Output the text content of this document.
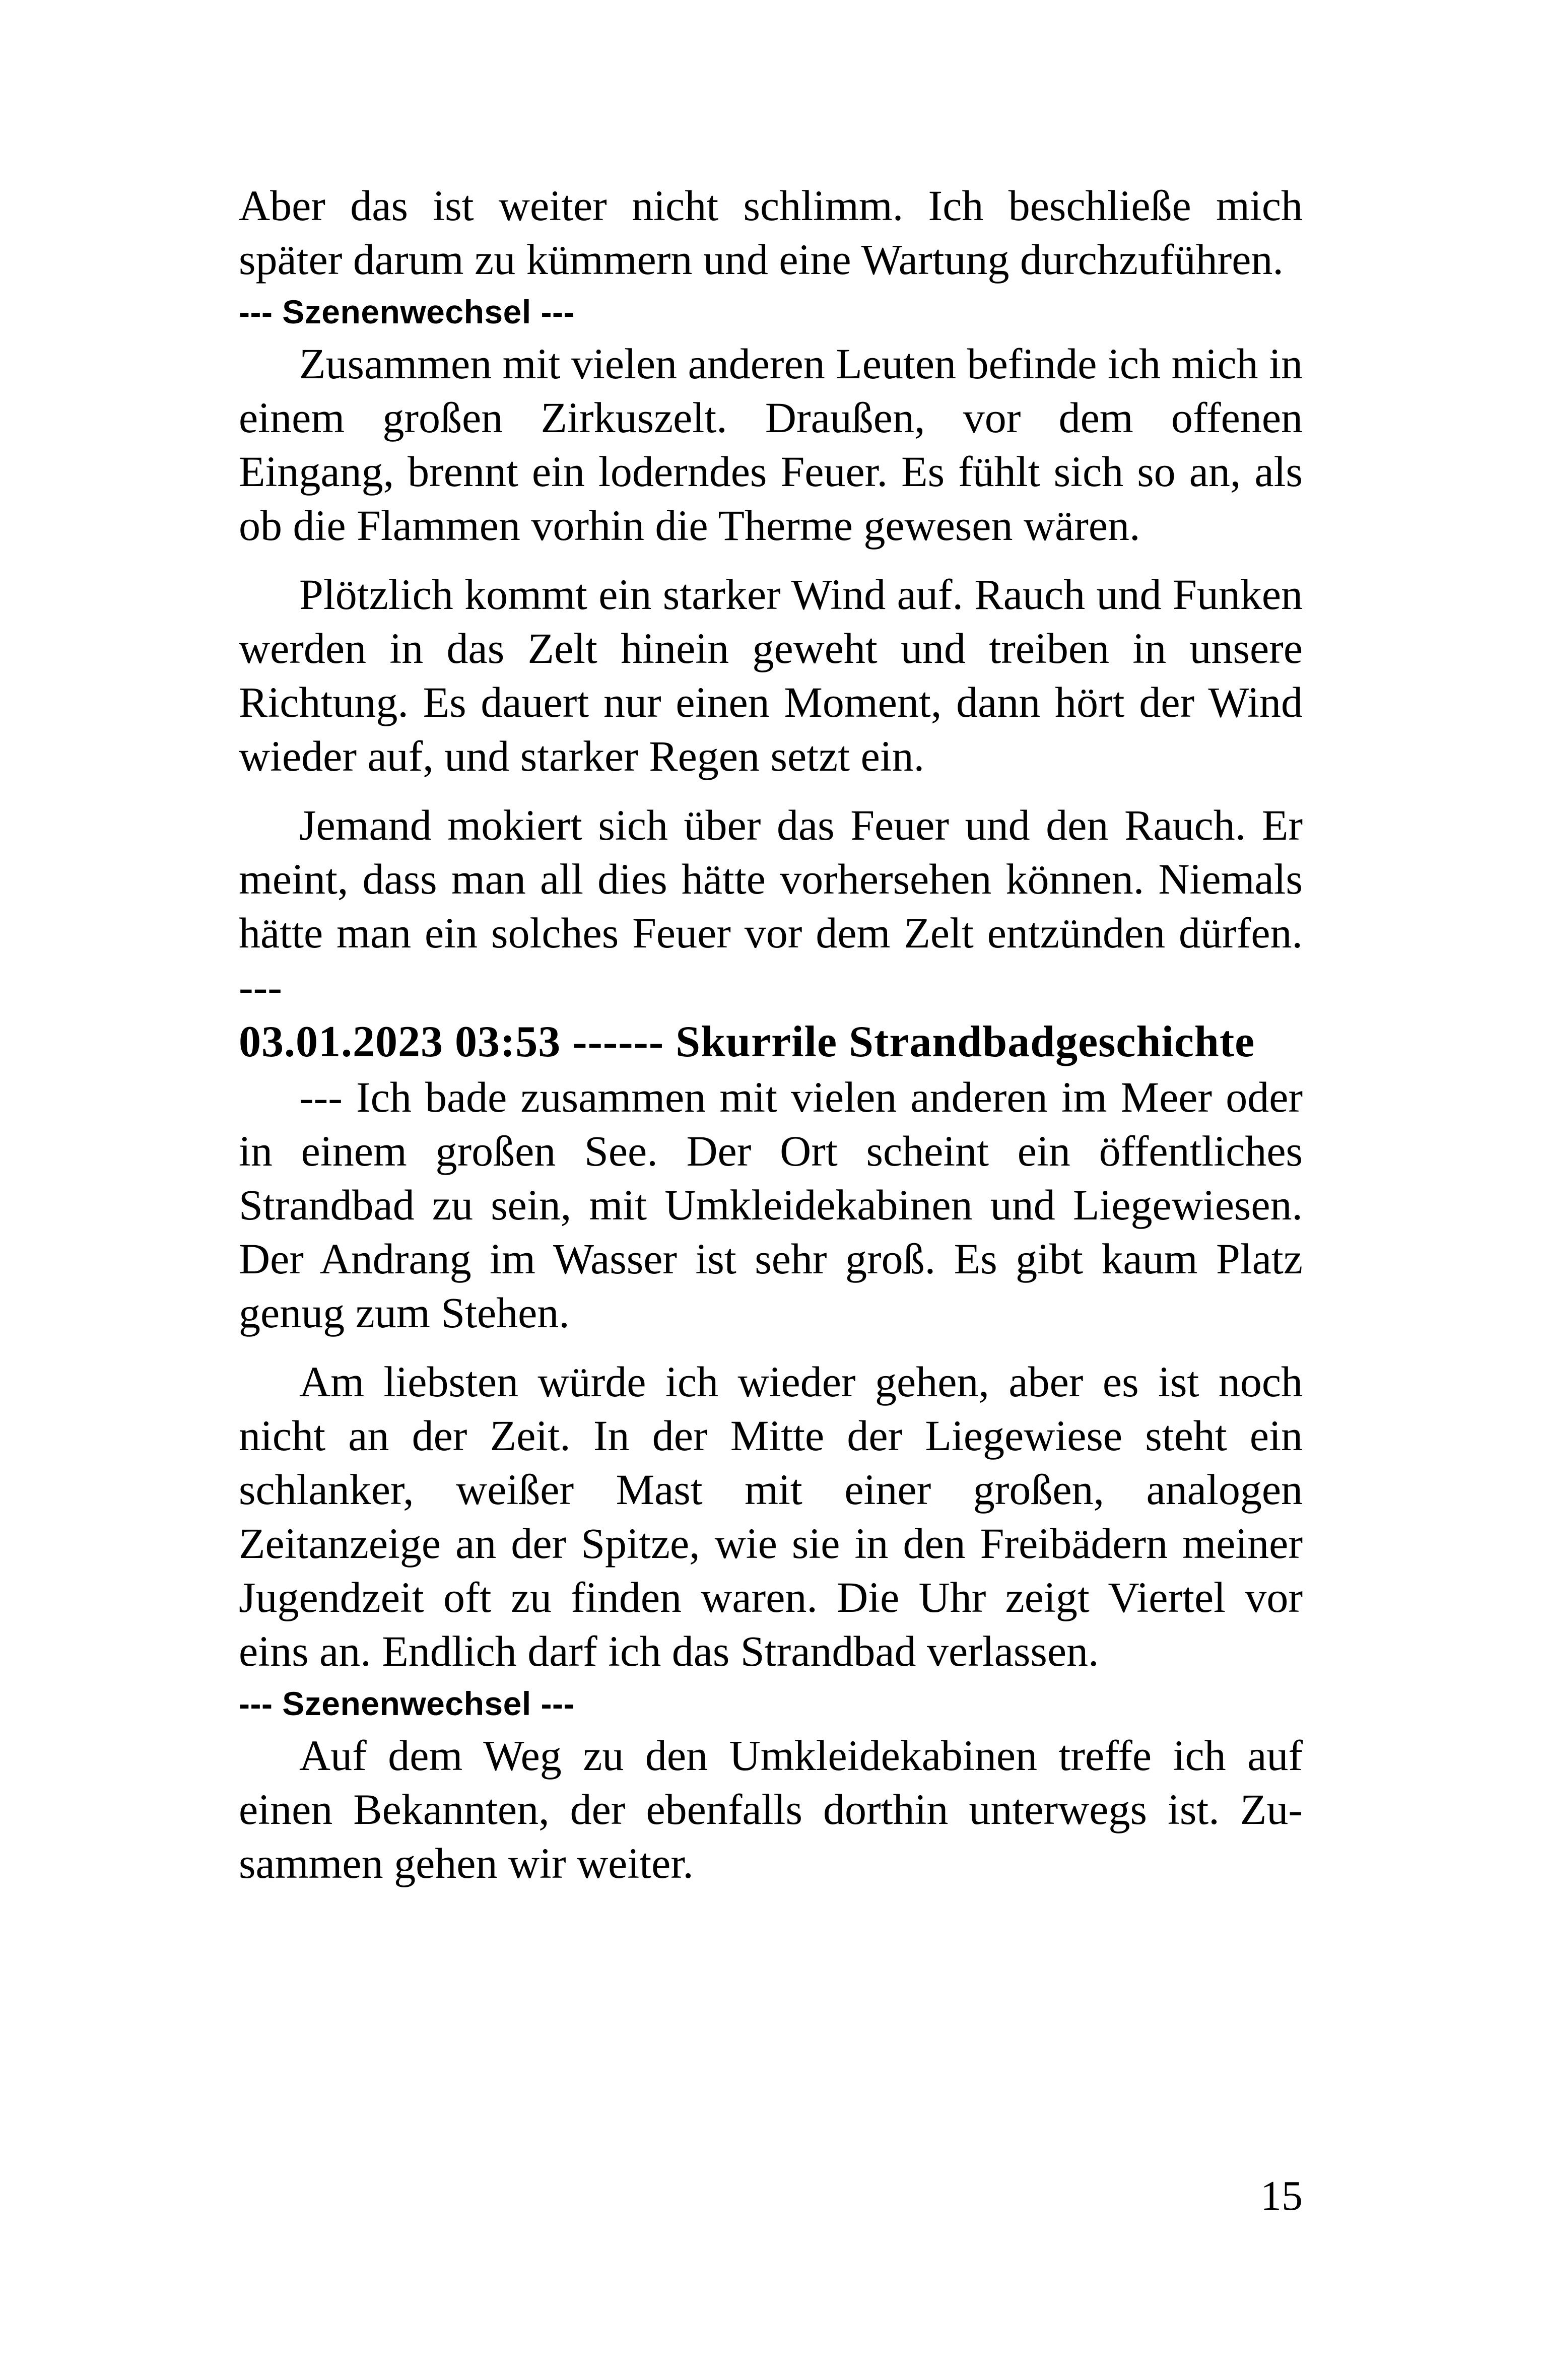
Aber das ist weiter nicht schlimm. Ich beschließe mich später darum zu kümmern und eine Wartung durchzuführen.

--- Szenenwechsel ---

Zusammen mit vielen anderen Leuten befinde ich mich in einem großen Zirkuszelt. Draußen, vor dem offenen Eingang, brennt ein loderndes Feuer. Es fühlt sich so an, als ob die Flammen vorhin die Therme gewesen wären.

Plötzlich kommt ein starker Wind auf. Rauch und Funken werden in das Zelt hinein geweht und treiben in unsere Richtung. Es dauert nur einen Moment, dann hört der Wind wieder auf, und starker Regen setzt ein.

Jemand mokiert sich über das Feuer und den Rauch. Er meint, dass man all dies hätte vorhersehen können. Niemals hätte man ein solches Feuer vor dem Zelt entzünden dürfen. ---

03.01.2023 03:53 ------ Skurrile Strandbadgeschichte

--- Ich bade zusammen mit vielen anderen im Meer oder in einem großen See. Der Ort scheint ein öffentliches Strandbad zu sein, mit Umkleidekabinen und Liegewiesen. Der Andrang im Wasser ist sehr groß. Es gibt kaum Platz genug zum Stehen.

Am liebsten würde ich wieder gehen, aber es ist noch nicht an der Zeit. In der Mitte der Liegewiese steht ein schlanker, weißer Mast mit einer großen, analogen Zeitanzeige an der Spitze, wie sie in den Freibädern meiner Jugendzeit oft zu finden waren. Die Uhr zeigt Viertel vor eins an. Endlich darf ich das Strandbad verlassen.

--- Szenenwechsel ---

Auf dem Weg zu den Umkleidekabinen treffe ich auf einen Bekannten, der ebenfalls dorthin unterwegs ist. Zusammen gehen wir weiter.

15
